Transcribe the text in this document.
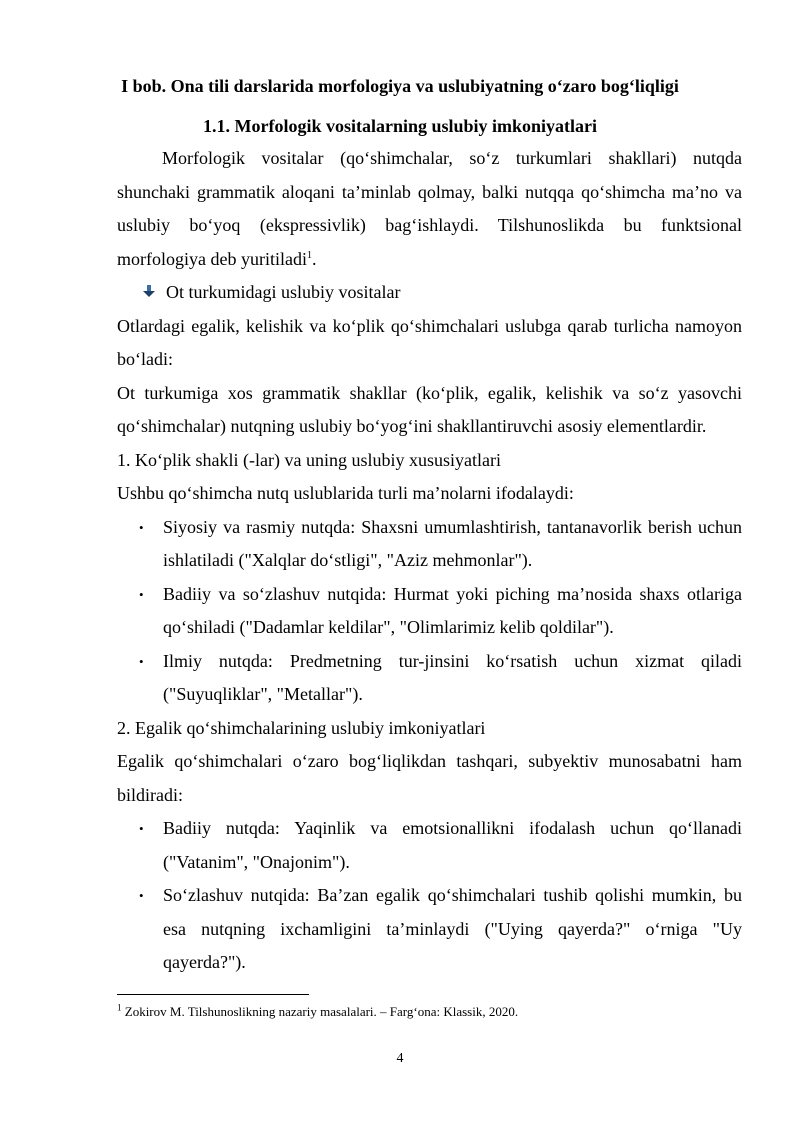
I bob. Ona tili darslarida morfologiya va uslubiyatning o‘zaro bog‘liqligi
1.1. Morfologik vositalarning uslubiy imkoniyatlari

Morfologik vositalar (qo‘shimchalar, so‘z turkumlari shakllari) nutqda shunchaki grammatik aloqani ta’minlab qolmay, balki nutqqa qo‘shimcha ma’no va uslubiy bo‘yoq (ekspressivlik) bag‘ishlaydi. Tilshunoslikda bu funktsional morfologiya deb yuritiladi$^1$.

Ot turkumidagi uslubiy vositalar

Otlardagi egalik, kelishik va ko‘plik qo‘shimchalari uslubga qarab turlicha namoyon bo‘ladi:

Ot turkumiga xos grammatik shakllar (ko‘plik, egalik, kelishik va so‘z yasovchi qo‘shimchalar) nutqning uslubiy bo‘yog‘ini shakllantiruvchi asosiy elementlardir.

1. Ko‘plik shakli (-lar) va uning uslubiy xususiyatlari

Ushbu qo‘shimcha nutq uslublarida turli ma’nolarni ifodalaydi:

• Siyosiy va rasmiy nutqda: Shaxsni umumlashtirish, tantanavorlik berish uchun ishlatiladi ("Xalqlar do‘stligi", "Aziz mehmonlar").
• Badiiy va so‘zlashuv nutqida: Hurmat yoki piching ma’nosida shaxs otlariga qo‘shiladi ("Dadamlar keldilar", "Olimlarimiz kelib qoldilar").
• Ilmiy nutqda: Predmetning tur-jinsini ko‘rsatish uchun xizmat qiladi ("Suyuqliklar", "Metallar").

2. Egalik qo‘shimchalarining uslubiy imkoniyatlari

Egalik qo‘shimchalari o‘zaro bog‘liqlikdan tashqari, subyektiv munosabatni ham bildiradi:

• Badiiy nutqda: Yaqinlik va emotsionallikni ifodalash uchun qo‘llanadi ("Vatanim", "Onajonim").
• So‘zlashuv nutqida: Ba’zan egalik qo‘shimchalari tushib qolishi mumkin, bu esa nutqning ixchamligini ta’minlaydi ("Uying qayerda?" o‘rniga "Uy qayerda?").
$^1$ Zokirov M. Tilshunoslikning nazariy masalalari. – Farg‘ona: Klassik, 2020.
4
